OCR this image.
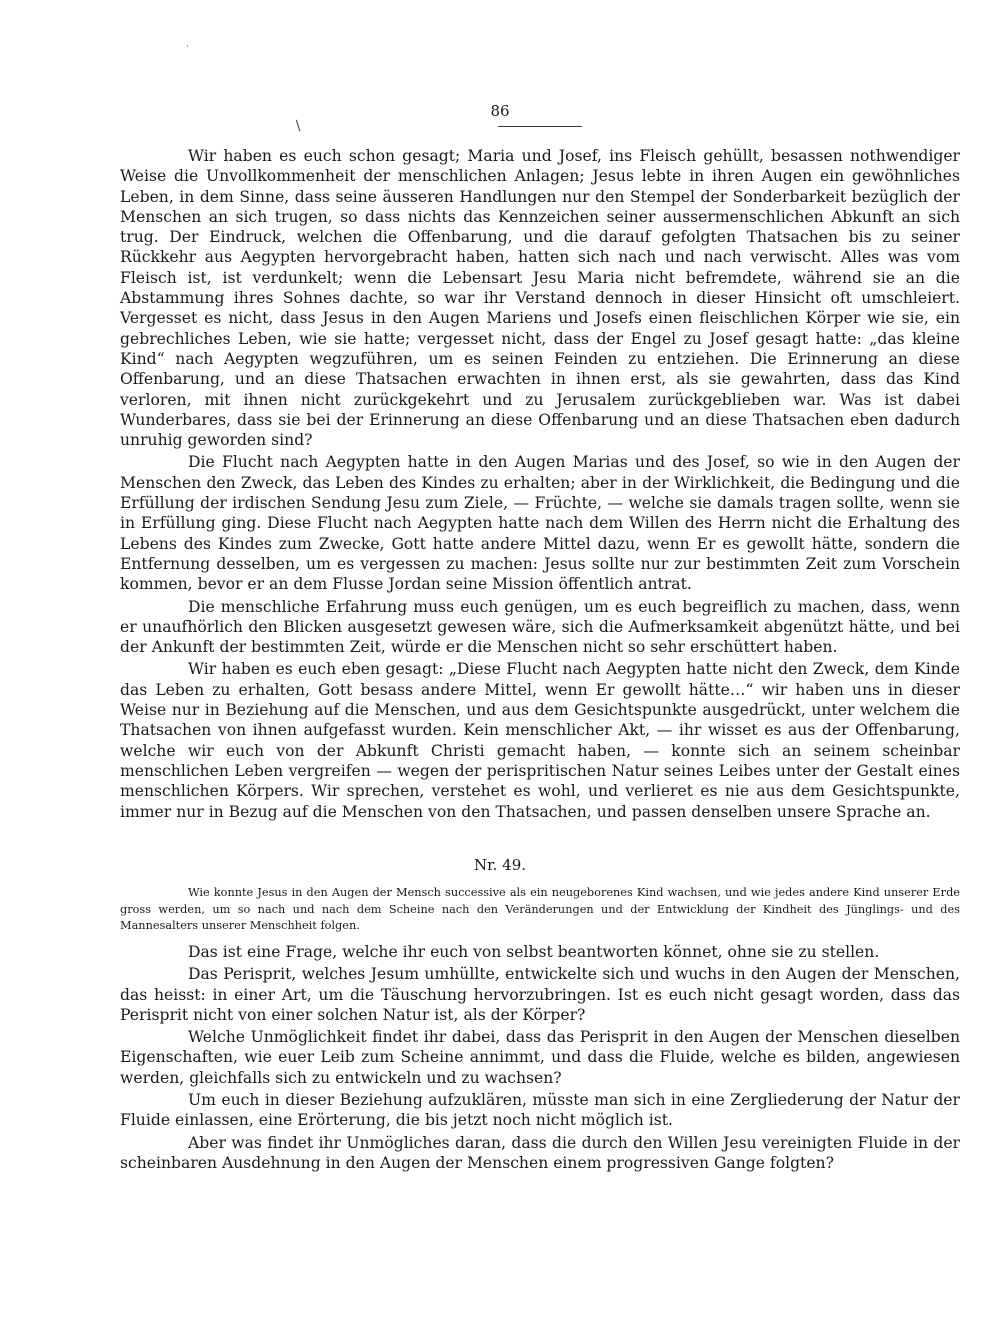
86
·
/

Wir haben es euch schon gesagt; Maria und Josef, ins Fleisch gehüllt, besassen nothwendiger Weise die Unvollkommenheit der menschlichen Anlagen; Jesus lebte in ihren Augen ein gewöhnliches Leben, in dem Sinne, dass seine äusseren Handlungen nur den Stempel der Sonderbarkeit bezüglich der Menschen an sich trugen, so dass nichts das Kennzeichen seiner aussermenschlichen Abkunft an sich trug. Der Eindruck, welchen die Offenbarung, und die darauf gefolgten Thatsachen bis zu seiner Rückkehr aus Aegypten hervorgebracht haben, hatten sich nach und nach verwischt. Alles was vom Fleisch ist, ist verdunkelt; wenn die Lebensart Jesu Maria nicht befremdete, während sie an die Abstammung ihres Sohnes dachte, so war ihr Verstand dennoch in dieser Hinsicht oft umschleiert. Vergesset es nicht, dass Jesus in den Augen Mariens und Josefs einen fleischlichen Körper wie sie, ein gebrechliches Leben, wie sie hatte; vergesset nicht, dass der Engel zu Josef gesagt hatte: „das kleine Kind“ nach Aegypten wegzuführen, um es seinen Feinden zu entziehen. Die Erinnerung an diese Offenbarung, und an diese Thatsachen erwachten in ihnen erst, als sie gewahrten, dass das Kind verloren, mit ihnen nicht zurückgekehrt und zu Jerusalem zurückgeblieben war. Was ist dabei Wunderbares, dass sie bei der Erinnerung an diese Offenbarung und an diese Thatsachen eben dadurch unruhig geworden sind?

Die Flucht nach Aegypten hatte in den Augen Marias und des Josef, so wie in den Augen der Menschen den Zweck, das Leben des Kindes zu erhalten; aber in der Wirklichkeit, die Bedingung und die Erfüllung der irdischen Sendung Jesu zum Ziele, — Früchte, — welche sie damals tragen sollte, wenn sie in Erfüllung ging. Diese Flucht nach Aegypten hatte nach dem Willen des Herrn nicht die Erhaltung des Lebens des Kindes zum Zwecke, Gott hatte andere Mittel dazu, wenn Er es gewollt hätte, sondern die Entfernung desselben, um es vergessen zu machen: Jesus sollte nur zur bestimmten Zeit zum Vorschein kommen, bevor er an dem Flusse Jordan seine Mission öffentlich antrat.

Die menschliche Erfahrung muss euch genügen, um es euch begreiflich zu machen, dass, wenn er unaufhörlich den Blicken ausgesetzt gewesen wäre, sich die Aufmerksamkeit abgenützt hätte, und bei der Ankunft der bestimmten Zeit, würde er die Menschen nicht so sehr erschüttert haben.

Wir haben es euch eben gesagt: „Diese Flucht nach Aegypten hatte nicht den Zweck, dem Kinde das Leben zu erhalten, Gott besass andere Mittel, wenn Er gewollt hätte…“ wir haben uns in dieser Weise nur in Beziehung auf die Menschen, und aus dem Gesichtspunkte ausgedrückt, unter welchem die Thatsachen von ihnen aufgefasst wurden. Kein menschlicher Akt, — ihr wisset es aus der Offenbarung, welche wir euch von der Abkunft Christi gemacht haben, — konnte sich an seinem scheinbar menschlichen Leben vergreifen — wegen der perispritischen Natur seines Leibes unter der Gestalt eines menschlichen Körpers. Wir sprechen, verstehet es wohl, und verlieret es nie aus dem Gesichtspunkte, immer nur in Bezug auf die Menschen von den Thatsachen, und passen denselben unsere Sprache an.

Nr. 49.
Wie konnte Jesus in den Augen der Mensch successive als ein neugeborenes Kind wachsen, und wie jedes andere Kind unserer Erde gross werden, um so nach und nach dem Scheine nach den Veränderungen und der Entwicklung der Kindheit des Jünglings- und des Mannesalters unserer Menschheit folgen.

Das ist eine Frage, welche ihr euch von selbst beantworten könnet, ohne sie zu stellen.

Das Perisprit, welches Jesum umhüllte, entwickelte sich und wuchs in den Augen der Menschen, das heisst: in einer Art, um die Täuschung hervorzubringen. Ist es euch nicht gesagt worden, dass das Perisprit nicht von einer solchen Natur ist, als der Körper?

Welche Unmöglichkeit findet ihr dabei, dass das Perisprit in den Augen der Menschen dieselben Eigenschaften, wie euer Leib zum Scheine annimmt, und dass die Fluide, welche es bilden, angewiesen werden, gleichfalls sich zu entwickeln und zu wachsen?

Um euch in dieser Beziehung aufzuklären, müsste man sich in eine Zergliederung der Natur der Fluide einlassen, eine Erörterung, die bis jetzt noch nicht möglich ist.

Aber was findet ihr Unmögliches daran, dass die durch den Willen Jesu vereinigten Fluide in der scheinbaren Ausdehnung in den Augen der Menschen einem progressiven Gange folgten?
